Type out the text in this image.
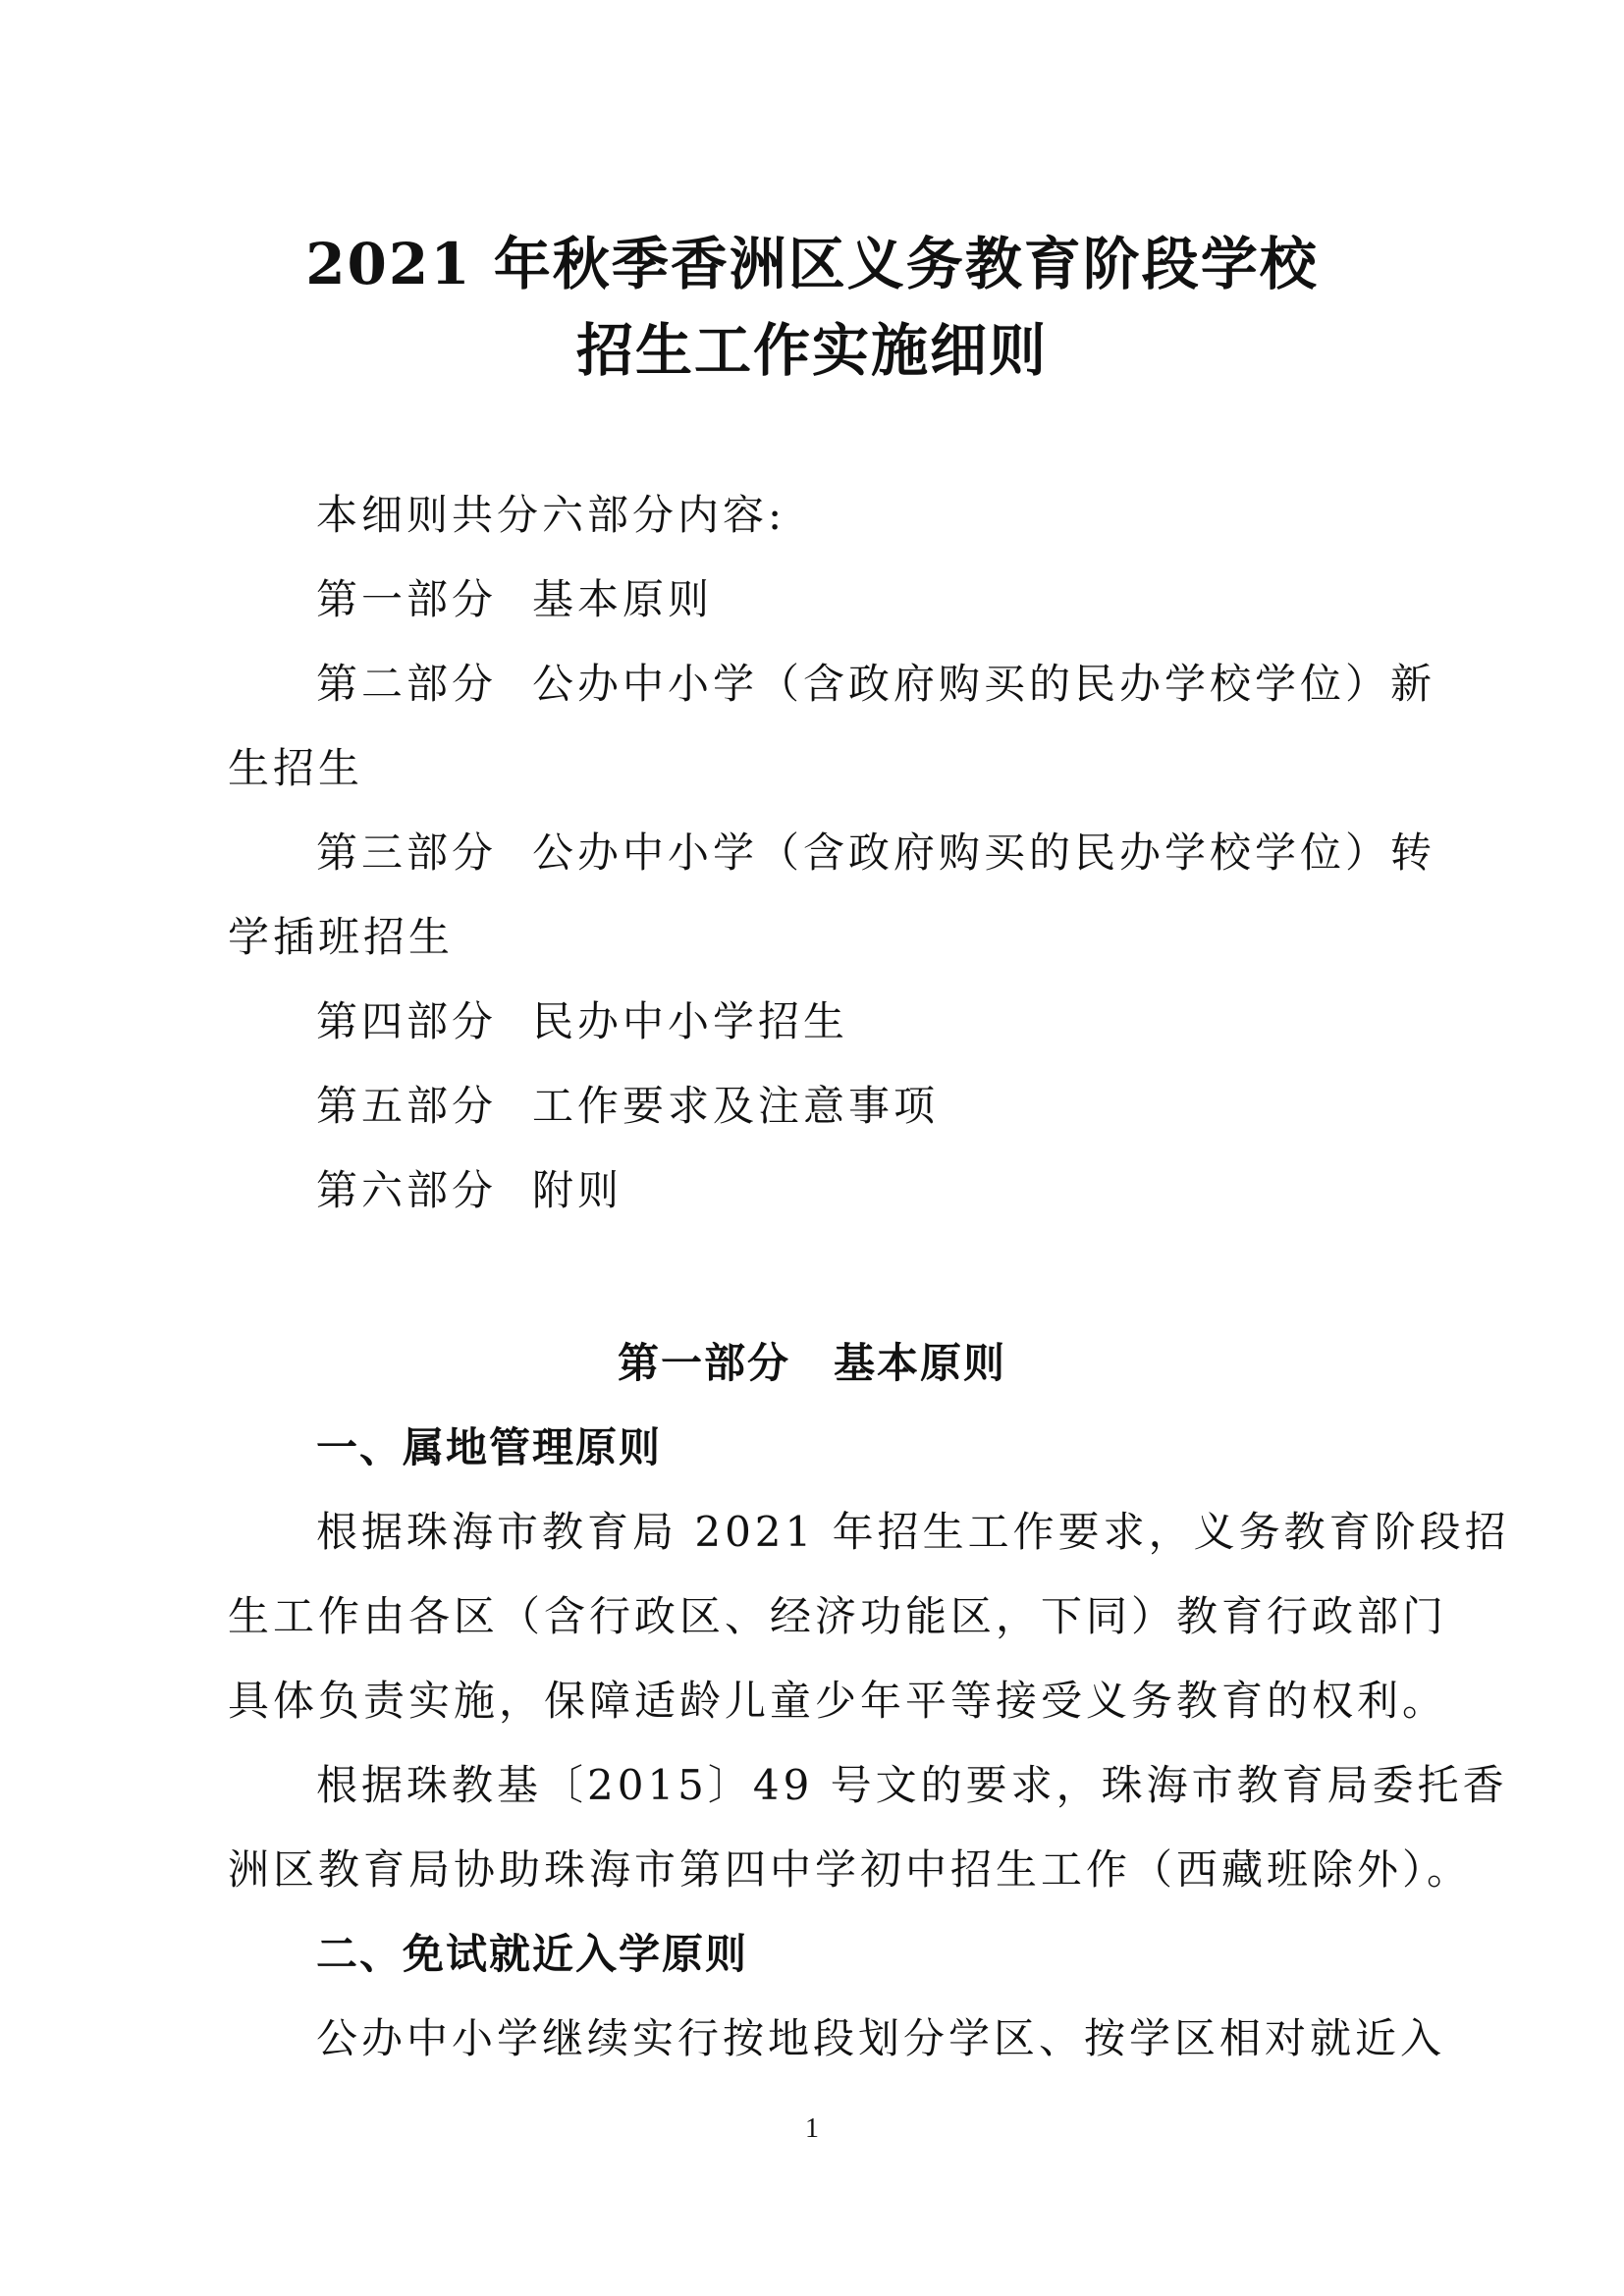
2021 年秋季香洲区义务教育阶段学校
招生工作实施细则
本细则共分六部分内容:
第一部分 基本原则
第二部分 公办中小学（含政府购买的民办学校学位）新
生招生
第三部分 公办中小学（含政府购买的民办学校学位）转
学插班招生
第四部分 民办中小学招生
第五部分 工作要求及注意事项
第六部分 附则
第一部分　基本原则
一、属地管理原则
根据珠海市教育局 2021 年招生工作要求，义务教育阶段招
生工作由各区（含行政区、经济功能区，下同）教育行政部门
具体负责实施，保障适龄儿童少年平等接受义务教育的权利。
根据珠教基〔2015〕49 号文的要求，珠海市教育局委托香
洲区教育局协助珠海市第四中学初中招生工作（西藏班除外）。
二、免试就近入学原则
公办中小学继续实行按地段划分学区、按学区相对就近入
1
